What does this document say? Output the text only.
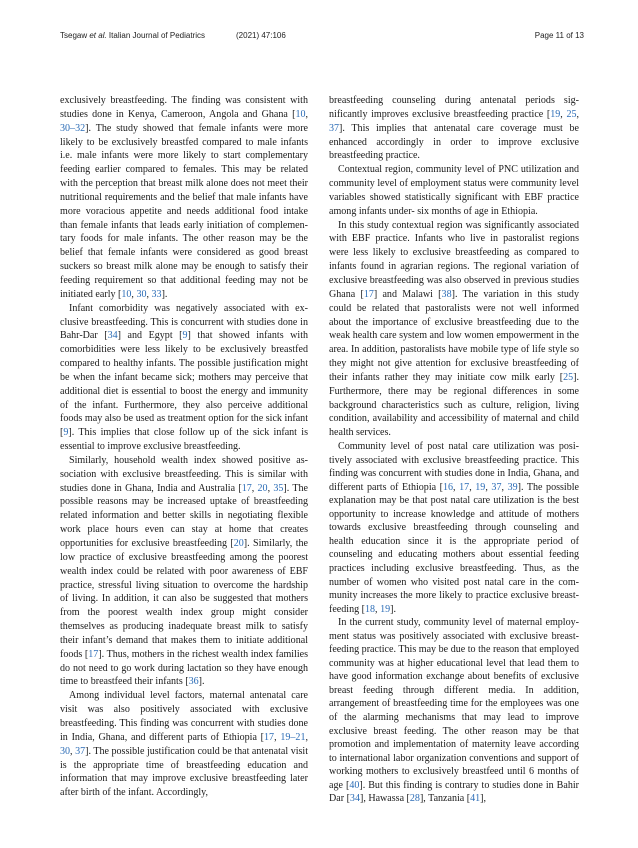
Tsegaw et al. Italian Journal of Pediatrics	(2021) 47:106	Page 11 of 13

exclusively breastfeeding. The finding was consistent with studies done in Kenya, Cameroon, Angola and Ghana [10, 30–32]. The study showed that female infants were more likely to be exclusively breastfed compared to male infants i.e. male infants were more likely to start complementary feeding earlier compared to females. This may be related with the perception that breast milk alone does not meet their nutritional requirements and the belief that male infants have more voracious appetite and needs additional food intake than female infants that leads early initiation of complementary foods for male infants. The other reason may be the belief that female infants were considered as good breast suckers so breast milk alone may be enough to satisfy their feeding requirement so that additional feeding may not be initiated early [10, 30, 33].

Infant comorbidity was negatively associated with exclusive breastfeeding. This is concurrent with studies done in Bahr-Dar [34] and Egypt [9] that showed infants with comorbidities were less likely to be exclusively breastfed compared to healthy infants. The possible justification might be when the infant became sick; mothers may perceive that additional diet is essential to boost the energy and immunity of the infant. Furthermore, they also perceive additional foods may also be used as treatment option for the sick infant [9]. This implies that close follow up of the sick infant is essential to improve exclusive breastfeeding.

Similarly, household wealth index showed positive association with exclusive breastfeeding. This is similar with studies done in Ghana, India and Australia [17, 20, 35]. The possible reasons may be increased uptake of breastfeeding related information and better skills in negotiating flexible work place hours even can stay at home that creates opportunities for exclusive breastfeeding [20]. Similarly, the low practice of exclusive breastfeeding among the poorest wealth index could be related with poor awareness of EBF practice, stressful living situation to overcome the hardship of living. In addition, it can also be suggested that mothers from the poorest wealth index group might consider themselves as producing inadequate breast milk to satisfy their infant’s demand that makes them to initiate additional foods [17]. Thus, mothers in the richest wealth index families do not need to go work during lactation so they have enough time to breastfeed their infants [36].

Among individual level factors, maternal antenatal care visit was also positively associated with exclusive breastfeeding. This finding was concurrent with studies done in India, Ghana, and different parts of Ethiopia [17, 19–21, 30, 37]. The possible justification could be that antenatal visit is the appropriate time of breastfeeding education and information that may improve exclusive breastfeeding later after birth of the infant. Accordingly,

breastfeeding counseling during antenatal periods significantly improves exclusive breastfeeding practice [19, 25, 37]. This implies that antenatal care coverage must be enhanced accordingly in order to improve exclusive breastfeeding practice.

Contextual region, community level of PNC utilization and community level of employment status were community level variables showed statistically significant with EBF practice among infants under- six months of age in Ethiopia.

In this study contextual region was significantly associated with EBF practice. Infants who live in pastoralist regions were less likely to exclusive breastfeeding as compared to infants found in agrarian regions. The regional variation of exclusive breastfeeding was also observed in previous studies Ghana [17] and Malawi [38]. The variation in this study could be related that pastoralists were not well informed about the importance of exclusive breastfeeding due to the weak health care system and low women empowerment in the area. In addition, pastoralists have mobile type of life style so they might not give attention for exclusive breastfeeding of their infants rather they may initiate cow milk early [25]. Furthermore, there may be regional differences in some background characteristics such as culture, religion, living condition, availability and accessibility of maternal and child health services.

Community level of post natal care utilization was positively associated with exclusive breastfeeding practice. This finding was concurrent with studies done in India, Ghana, and different parts of Ethiopia [16, 17, 19, 37, 39]. The possible explanation may be that post natal care utilization is the best opportunity to increase knowledge and attitude of mothers towards exclusive breastfeeding through counseling and health education since it is the appropriate period of counseling and educating mothers about essential feeding practices including exclusive breastfeeding. Thus, as the number of women who visited post natal care in the community increases the more likely to practice exclusive breastfeeding [18, 19].

In the current study, community level of maternal employment status was positively associated with exclusive breastfeeding practice. This may be due to the reason that employed community was at higher educational level that lead them to have good information exchange about benefits of exclusive breast feeding through different media. In addition, arrangement of breastfeeding time for the employees was one of the alarming mechanisms that may lead to improve exclusive breast feeding. The other reason may be that promotion and implementation of maternity leave according to international labor organization conventions and support of working mothers to exclusively breastfeed until 6 months of age [40]. But this finding is contrary to studies done in Bahir Dar [34], Hawassa [28], Tanzania [41],
